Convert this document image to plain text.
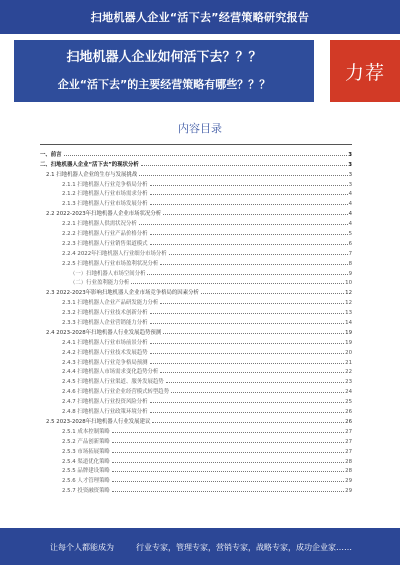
扫地机器人企业“活下去”经营策略研究报告
扫地机器人企业如何活下去？？？
企业“活下去”的主要经营策略有哪些？？？
力荐
内容目录
一、前言	3
二、扫地机器人企业“活下去”的现状分析	3
2.1 扫地机器人企业的生存与发展挑战	3
2.1.1 扫地机器人行业竞争格局分析	3
2.1.2 扫地机器人行业市场需求分析	4
2.1.3 扫地机器人行业市场发展分析	4
2.2 2022-2023年扫地机器人企业市场状况分析	4
2.2.1 扫地机器人供需状况分析	4
2.2.2 扫地机器人行业产品价格分析	5
2.2.3 扫地机器人行业销售渠道模式	6
2.2.4 2022年扫地机器人行业细分市场分析	7
2.2.5 扫地机器人行业市场盈利状况分析	8
（一）扫地机器人市场空间分析	9
（二）行业盈利能力分析	10
2.3 2022-2023年影响扫地机器人企业市场竞争格局的因素分析	12
2.3.1 扫地机器人企业产品研发能力分析	12
2.3.2 扫地机器人行业技术创新分析	13
2.3.3 扫地机器人企业营销能力分析	14
2.4 2023-2028年扫地机器人行业发展趋势预测	19
2.4.1 扫地机器人行业市场前景分析	19
2.4.2 扫地机器人行业技术发展趋势	20
2.4.3 扫地机器人行业竞争格局预测	21
2.4.4 扫地机器人市场需求变化趋势分析	22
2.4.5 扫地机器人行业渠道、服务发展趋势	23
2.4.6 扫地机器人行业企业经营模式转型趋势	24
2.4.7 扫地机器人行业投资风险分析	25
2.4.8 扫地机器人行业政策环境分析	26
2.5 2023-2028年扫地机器人行业发展建议	26
2.5.1 成本控制策略	27
2.5.2 产品创新策略	27
2.5.3 市场拓展策略	27
2.5.4 渠道优化策略	28
2.5.5 品牌建设策略	28
2.5.6 人才管理策略	29
2.5.7 投资融资策略	29
让每个人都能成为	行业专家，管理专家，营销专家，战略专家，成功企业家……
